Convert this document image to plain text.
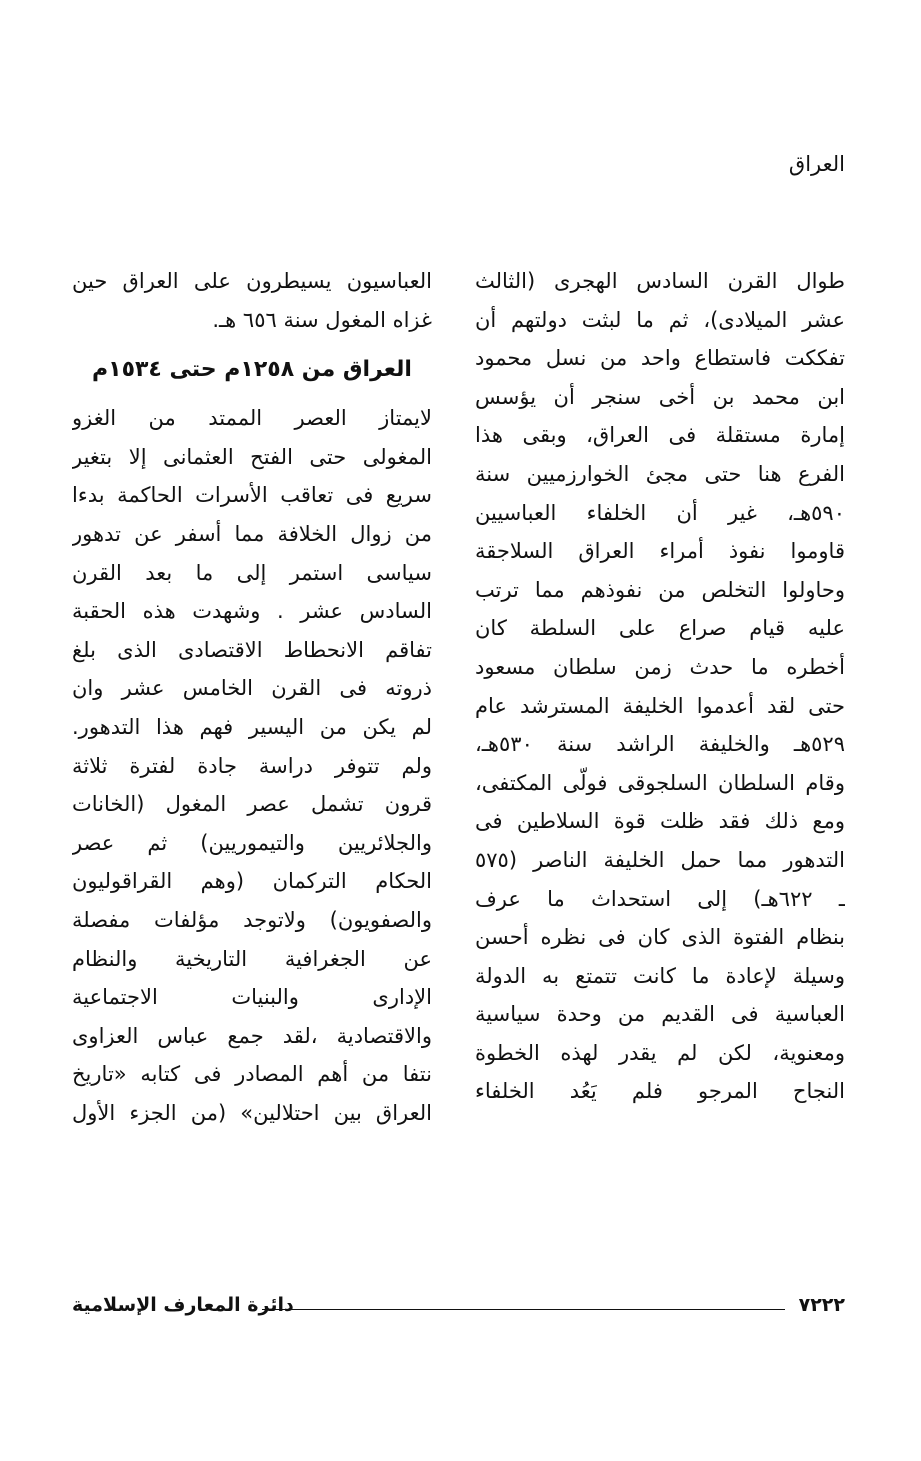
العراق
طوال القرن السادس الهجرى (الثالث
عشر الميلادى)، ثم ما لبثت دولتهم أن
تفككت فاستطاع واحد من نسل محمود
ابن محمد بن أخى سنجر أن يؤسس
إمارة مستقلة فى العراق، وبقى هذا
الفرع هنا حتى مجئ الخوارزميين سنة
٥٩٠هـ، غير أن الخلفاء العباسيين
قاوموا نفوذ أمراء العراق السلاجقة
وحاولوا التخلص من نفوذهم مما ترتب
عليه قيام صراع على السلطة كان
أخطره ما حدث زمن سلطان مسعود
حتى لقد أعدموا الخليفة المسترشد عام
٥٢٩هـ والخليفة الراشد سنة ٥٣٠هـ،
وقام السلطان السلجوقى فولّى المكتفى،
ومع ذلك فقد ظلت قوة السلاطين فى
التدهور مما حمل الخليفة الناصر (٥٧٥
ـ ٦٢٢هـ) إلى استحداث ما عرف
بنظام الفتوة الذى كان فى نظره أحسن
وسيلة لإعادة ما كانت تتمتع به الدولة
العباسية فى القديم من وحدة سياسية
ومعنوية، لكن لم يقدر لهذه الخطوة
النجاح المرجو فلم يَعُد الخلفاء
العباسيون يسيطرون على العراق حين
غزاه المغول سنة ٦٥٦ هـ.
العراق من ١٢٥٨م حتى ١٥٣٤م
لايمتاز العصر الممتد من الغزو
المغولى حتى الفتح العثمانى إلا بتغير
سريع فى تعاقب الأسرات الحاكمة بدءا
من زوال الخلافة مما أسفر عن تدهور
سياسى استمر إلى ما بعد القرن
السادس عشر . وشهدت هذه الحقبة
تفاقم الانحطاط الاقتصادى الذى بلغ
ذروته فى القرن الخامس عشر وان
لم يكن من اليسير فهم هذا التدهور.
ولم تتوفر دراسة جادة لفترة ثلاثة
قرون تشمل عصر المغول (الخانات
والجلائريين والتيموريين) ثم عصر
الحكام التركمان (وهم القراقوليون
والصفويون) ولاتوجد مؤلفات مفصلة
عن الجغرافية التاريخية والنظام
الإدارى والبنيات الاجتماعية
والاقتصادية ،لقد جمع عباس العزاوى
نتفا من أهم المصادر فى كتابه «تاريخ
العراق بين احتلالين» (من الجزء الأول
دائرة المعارف الإسلامية	٧٢٢٢
